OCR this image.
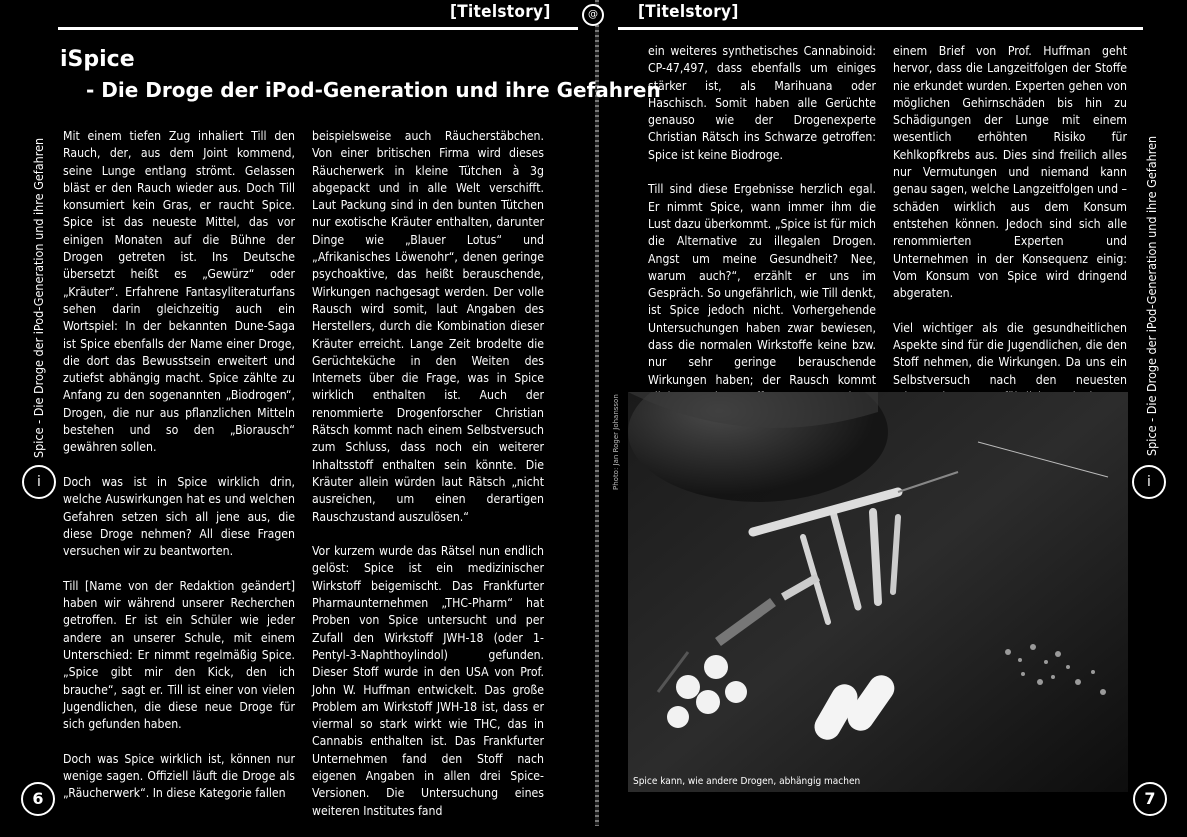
[Titelstory]	[Titelstory]
@
iSpice
- Die Droge der iPod-Generation und ihre Gefahren

Mit einem tiefen Zug inhaliert Till den Rauch, der, aus dem Joint kommend, seine Lunge entlang strömt. Gelassen bläst er den Rauch wieder aus. Doch Till konsumiert kein Gras, er raucht Spice. Spice ist das neueste Mittel, das vor einigen Monaten auf die Bühne der Drogen getreten ist. Ins Deutsche übersetzt heißt es „Gewürz“ oder „Kräuter“. Erfahrene Fantasyliteraturfans sehen darin gleichzeitig auch ein Wortspiel: In der bekannten Dune-Saga ist Spice ebenfalls der Name einer Droge, die dort das Bewusstsein erweitert und zutiefst abhängig macht. Spice zählte zu Anfang zu den sogenannten „Biodrogen“, Drogen, die nur aus pflanzlichen Mitteln bestehen und so den „Biorausch“ gewähren sollen.

Doch was ist in Spice wirklich drin, welche Auswirkungen hat es und welchen Gefahren setzen sich all jene aus, die diese Droge nehmen? All diese Fragen versuchen wir zu beantworten.

Till [Name von der Redaktion geändert] haben wir während unserer Recherchen getroffen. Er ist ein Schüler wie jeder andere an unserer Schule, mit einem Unterschied: Er nimmt regelmäßig Spice. „Spice gibt mir den Kick, den ich brauche“, sagt er. Till ist einer von vielen Jugendlichen, die diese neue Droge für sich gefunden haben.

Doch was Spice wirklich ist, können nur wenige sagen. Offiziell läuft die Droge als „Räucherwerk“. In diese Kategorie fallen

beispielsweise auch Räucherstäbchen. Von einer britischen Firma wird dieses Räucherwerk in kleine Tütchen à 3g abgepackt und in alle Welt verschifft. Laut Packung sind in den bunten Tütchen nur exotische Kräuter enthalten, darunter Dinge wie „Blauer Lotus“ und „Afrikanisches Löwenohr“, denen geringe psychoaktive, das heißt berauschende, Wirkungen nachgesagt werden. Der volle Rausch wird somit, laut Angaben des Herstellers, durch die Kombination dieser Kräuter erreicht. Lange Zeit brodelte die Gerüchteküche in den Weiten des Internets über die Frage, was in Spice wirklich enthalten ist. Auch der renommierte Drogenforscher Christian Rätsch kommt nach einem Selbstversuch zum Schluss, dass noch ein weiterer Inhaltsstoff enthalten sein könnte. Die Kräuter allein würden laut Rätsch „nicht ausreichen, um einen derartigen Rauschzustand auszulösen.“

Vor kurzem wurde das Rätsel nun endlich gelöst: Spice ist ein medizinischer Wirkstoff beigemischt. Das Frankfurter Pharmaunternehmen „THC-Pharm“ hat Proben von Spice untersucht und per Zufall den Wirkstoff JWH-18 (oder 1-Pentyl-3-Naphthoylindol) gefunden. Dieser Stoff wurde in den USA von Prof. John W. Huffman entwickelt. Das große Problem am Wirkstoff JWH-18 ist, dass er viermal so stark wirkt wie THC, das in Cannabis enthalten ist. Das Frankfurter Unternehmen fand den Stoff nach eigenen Angaben in allen drei Spice-Versionen. Die Untersuchung eines weiteren Institutes fand

ein weiteres synthetisches Cannabinoid: CP-47,497, dass ebenfalls um einiges stärker ist, als Marihuana oder Haschisch. Somit haben alle Gerüchte genauso wie der Drogenexperte Christian Rätsch ins Schwarze getroffen: Spice ist keine Biodroge.

Till sind diese Ergebnisse herzlich egal. Er nimmt Spice, wann immer ihm die Lust dazu überkommt. „Spice ist für mich die Alternative zu illegalen Drogen. Angst um meine Gesundheit? Nee, warum auch?“, erzählt er uns im Gespräch. So ungefährlich, wie Till denkt, ist Spice jedoch nicht. Vorhergehende Untersuchungen haben zwar bewiesen, dass die normalen Wirkstoffe keine bzw. nur sehr geringe berauschende Wirkungen haben; der Rausch kommt

einem Brief von Prof. Huffman geht hervor, dass die Langzeitfolgen der Stoffe nie erkundet wurden. Experten gehen von möglichen Gehirnschäden bis hin zu Schädigungen der Lunge mit einem wesentlich erhöhten Risiko für Kehlkopfkrebs aus. Dies sind freilich alles nur Vermutungen und niemand kann genau sagen, welche Langzeitfolgen und –schäden wirklich aus dem Konsum entstehen können. Jedoch sind sich alle renommierten Experten und Unternehmen in der Konsequenz einig: Vom Konsum von Spice wird dringend abgeraten.

Viel wichtiger als die gesundheitlichen Aspekte sind für die Jugendlichen, die den Stoff nehmen, die Wirkungen. Da uns ein Selbstversuch nach den neuesten

Spice - Die Droge der iPod-Generation und ihre Gefahren	Spice - Die Droge der iPod-Generation und ihre Gefahren
i	i
6	7
Photo: Jan Roger Johansson
Spice kann, wie andere Drogen, abhängig machen
